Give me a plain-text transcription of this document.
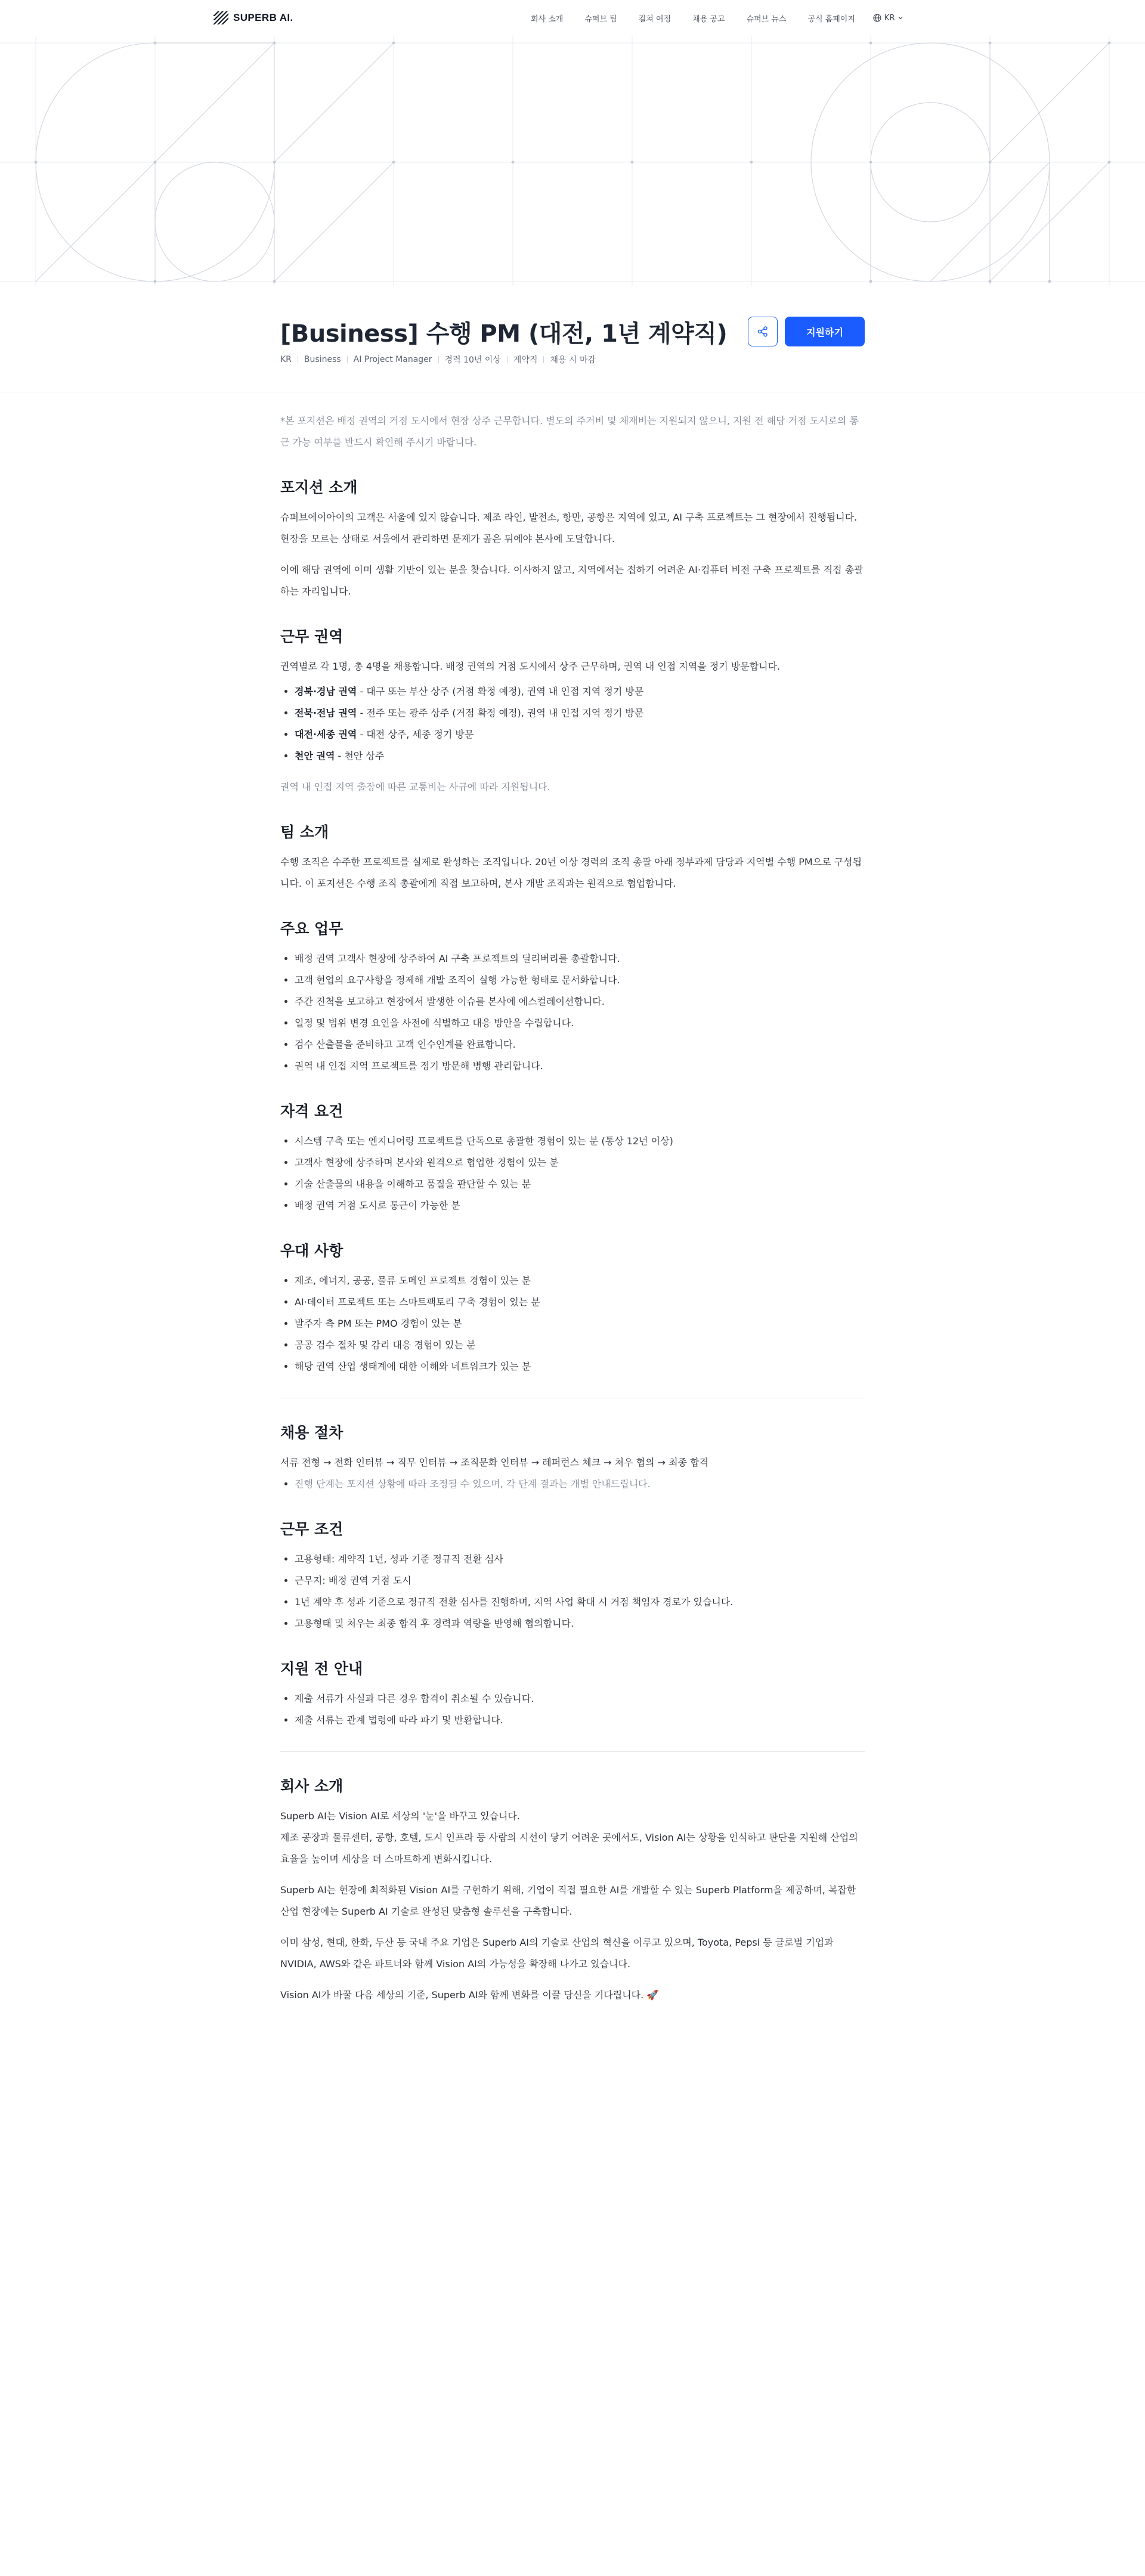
SUPERB AI.	회사 소개	슈퍼브 팀	컬쳐 여정	채용 공고	슈퍼브 뉴스	공식 홈페이지	KR
[Business] 수행 PM (대전, 1년 계약직)
KR Business AI Project Manager 경력 10년 이상 계약직 채용 시 마감
지원하기

*본 포지션은 배정 권역의 거점 도시에서 현장 상주 근무합니다. 별도의 주거비 및 체재비는 지원되지 않으니, 지원 전 해당 거점 도시로의 통근 가능 여부를 반드시 확인해 주시기 바랍니다.

포지션 소개

슈퍼브에이아이의 고객은 서울에 있지 않습니다. 제조 라인, 발전소, 항만, 공항은 지역에 있고, AI 구축 프로젝트는 그 현장에서 진행됩니다. 현장을 모르는 상태로 서울에서 관리하면 문제가 곪은 뒤에야 본사에 도달합니다.

이에 해당 권역에 이미 생활 기반이 있는 분을 찾습니다. 이사하지 않고, 지역에서는 접하기 어려운 AI·컴퓨터 비전 구축 프로젝트를 직접 총괄하는 자리입니다.

근무 권역

권역별로 각 1명, 총 4명을 채용합니다. 배정 권역의 거점 도시에서 상주 근무하며, 권역 내 인접 지역을 정기 방문합니다.

• 경북·경남 권역 - 대구 또는 부산 상주 (거점 확정 예정), 권역 내 인접 지역 정기 방문
• 전북·전남 권역 - 전주 또는 광주 상주 (거점 확정 예정), 권역 내 인접 지역 정기 방문
• 대전·세종 권역 - 대전 상주, 세종 정기 방문
• 천안 권역 - 천안 상주

권역 내 인접 지역 출장에 따른 교통비는 사규에 따라 지원됩니다.

팀 소개

수행 조직은 수주한 프로젝트를 실제로 완성하는 조직입니다. 20년 이상 경력의 조직 총괄 아래 정부과제 담당과 지역별 수행 PM으로 구성됩니다. 이 포지션은 수행 조직 총괄에게 직접 보고하며, 본사 개발 조직과는 원격으로 협업합니다.

주요 업무
• 배정 권역 고객사 현장에 상주하여 AI 구축 프로젝트의 딜리버리를 총괄합니다.
• 고객 현업의 요구사항을 정제해 개발 조직이 실행 가능한 형태로 문서화합니다.
• 주간 진척을 보고하고 현장에서 발생한 이슈를 본사에 에스컬레이션합니다.
• 일정 및 범위 변경 요인을 사전에 식별하고 대응 방안을 수립합니다.
• 검수 산출물을 준비하고 고객 인수인계를 완료합니다.
• 권역 내 인접 지역 프로젝트를 정기 방문해 병행 관리합니다.
자격 요건
• 시스템 구축 또는 엔지니어링 프로젝트를 단독으로 총괄한 경험이 있는 분 (통상 12년 이상)
• 고객사 현장에 상주하며 본사와 원격으로 협업한 경험이 있는 분
• 기술 산출물의 내용을 이해하고 품질을 판단할 수 있는 분
• 배정 권역 거점 도시로 통근이 가능한 분
우대 사항
• 제조, 에너지, 공공, 물류 도메인 프로젝트 경험이 있는 분
• AI·데이터 프로젝트 또는 스마트팩토리 구축 경험이 있는 분
• 발주자 측 PM 또는 PMO 경험이 있는 분
• 공공 검수 절차 및 감리 대응 경험이 있는 분
• 해당 권역 산업 생태계에 대한 이해와 네트워크가 있는 분
채용 절차

서류 전형 → 전화 인터뷰 → 직무 인터뷰 → 조직문화 인터뷰 → 레퍼런스 체크 → 처우 협의 → 최종 합격

• 진행 단계는 포지션 상황에 따라 조정될 수 있으며, 각 단계 결과는 개별 안내드립니다.
근무 조건
• 고용형태: 계약직 1년, 성과 기준 정규직 전환 심사
• 근무지: 배정 권역 거점 도시
• 1년 계약 후 성과 기준으로 정규직 전환 심사를 진행하며, 지역 사업 확대 시 거점 책임자 경로가 있습니다.
• 고용형태 및 처우는 최종 합격 후 경력과 역량을 반영해 협의합니다.
지원 전 안내
• 제출 서류가 사실과 다른 경우 합격이 취소될 수 있습니다.
• 제출 서류는 관계 법령에 따라 파기 및 반환합니다.
회사 소개

Superb AI는 Vision AI로 세상의 '눈'을 바꾸고 있습니다.

제조 공장과 물류센터, 공항, 호텔, 도시 인프라 등 사람의 시선이 닿기 어려운 곳에서도, Vision AI는 상황을 인식하고 판단을 지원해 산업의 효율을 높이며 세상을 더 스마트하게 변화시킵니다.

Superb AI는 현장에 최적화된 Vision AI를 구현하기 위해, 기업이 직접 필요한 AI를 개발할 수 있는 Superb Platform을 제공하며, 복잡한 산업 현장에는 Superb AI 기술로 완성된 맞춤형 솔루션을 구축합니다.

이미 삼성, 현대, 한화, 두산 등 국내 주요 기업은 Superb AI의 기술로 산업의 혁신을 이루고 있으며, Toyota, Pepsi 등 글로벌 기업과 NVIDIA, AWS와 같은 파트너와 함께 Vision AI의 가능성을 확장해 나가고 있습니다.

Vision AI가 바꿀 다음 세상의 기준, Superb AI와 함께 변화를 이끌 당신을 기다립니다. 🚀
